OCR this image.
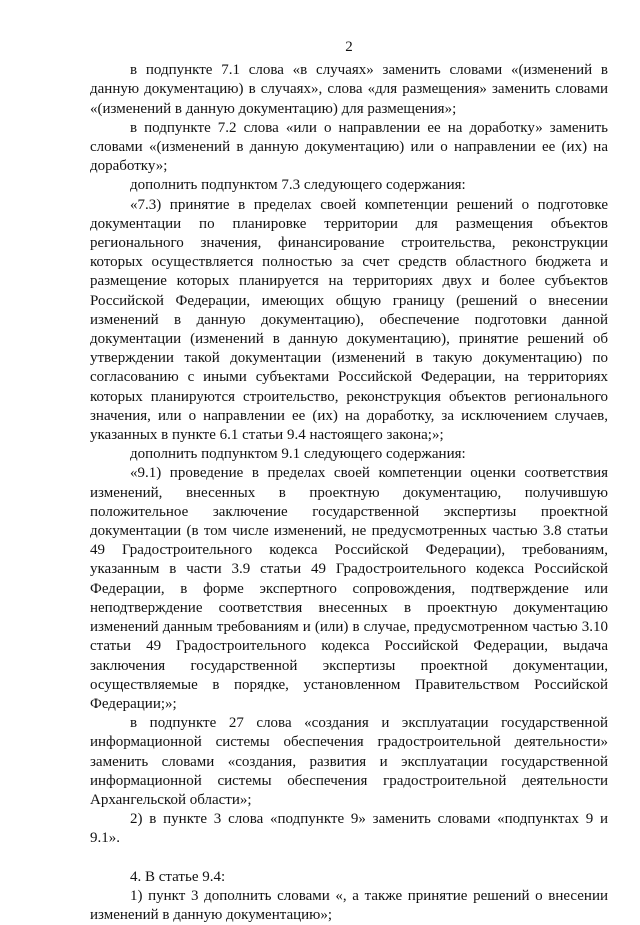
2

в подпункте 7.1 слова «в случаях» заменить словами «(изменений в данную документацию) в случаях», слова «для размещения» заменить словами «(изменений в данную документацию) для размещения»;

в подпункте 7.2 слова «или о направлении ее на доработку» заменить словами «(изменений в данную документацию) или о направлении ее (их) на доработку»;

дополнить подпунктом 7.3 следующего содержания:

«7.3) принятие в пределах своей компетенции решений о подготовке документации по планировке территории для размещения объектов регионального значения, финансирование строительства, реконструкции которых осуществляется полностью за счет средств областного бюджета и размещение которых планируется на территориях двух и более субъектов Российской Федерации, имеющих общую границу (решений о внесении изменений в данную документацию), обеспечение подготовки данной документации (изменений в данную документацию), принятие решений об утверждении такой документации (изменений в такую документацию) по согласованию с иными субъектами Российской Федерации, на территориях которых планируются строительство, реконструкция объектов регионального значения, или о направлении ее (их) на доработку, за исключением случаев, указанных в пункте 6.1 статьи 9.4 настоящего закона;»;

дополнить подпунктом 9.1 следующего содержания:

«9.1) проведение в пределах своей компетенции оценки соответствия изменений, внесенных в проектную документацию, получившую положительное заключение государственной экспертизы проектной документации (в том числе изменений, не предусмотренных частью 3.8 статьи 49 Градостроительного кодекса Российской Федерации), требованиям, указанным в части 3.9 статьи 49 Градостроительного кодекса Российской Федерации, в форме экспертного сопровождения, подтверждение или неподтверждение соответствия внесенных в проектную документацию изменений данным требованиям и (или) в случае, предусмотренном частью 3.10 статьи 49 Градостроительного кодекса Российской Федерации, выдача заключения государственной экспертизы проектной документации, осуществляемые в порядке, установленном Правительством Российской Федерации;»;

в подпункте 27 слова «создания и эксплуатации государственной информационной системы обеспечения градостроительной деятельности» заменить словами «создания, развития и эксплуатации государственной информационной системы обеспечения градостроительной деятельности Архангельской области»;

2) в пункте 3 слова «подпункте 9» заменить словами «подпунктах 9 и 9.1».

4. В статье 9.4:

1) пункт 3 дополнить словами «, а также принятие решений о внесении изменений в данную документацию»;
